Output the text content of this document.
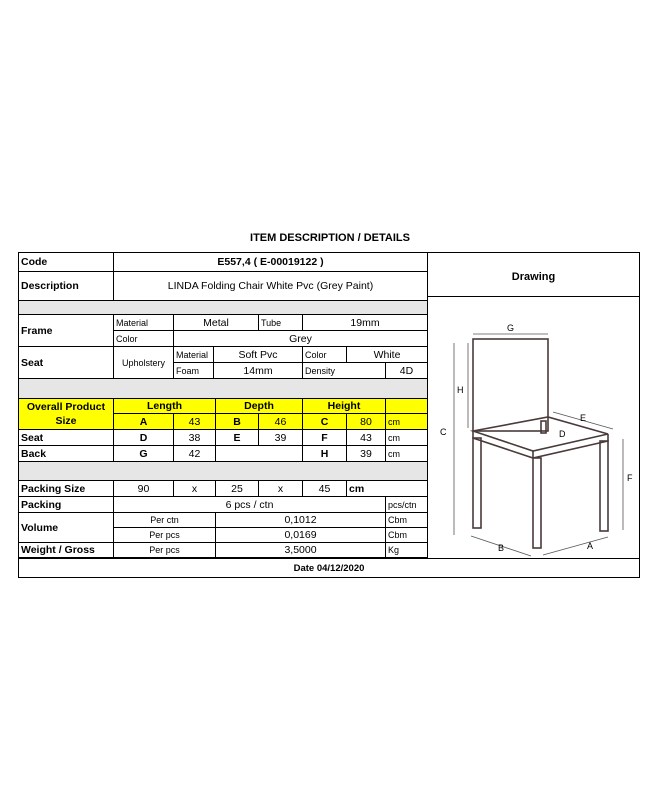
ITEM DESCRIPTION / DETAILS
Code	E557,4 ( E-00019122 )
Description	LINDA Folding Chair White Pvc (Grey Paint)
Frame
Material	Metal	Tube	19mm
Color	Grey
Seat	Upholstery
Material	Soft Pvc	Color	White
Foam	14mm	Density	4D
Overall Product
Size
Length	Depth	Height
A	43	B	46	C	80	cm
Seat	D	38	E	39	F	43	cm
Back	G	42	H	39	cm
Packing Size	90	x	25	x	45	cm
Packing	6 pcs / ctn	pcs/ctn
Volume
Per ctn	0,1012	Cbm
Per pcs	0,0169	Cbm
Weight / Gross	Per pcs	3,5000	Kg
Drawing
G
H
C
E
D
F
B	A
Date 04/12/2020
